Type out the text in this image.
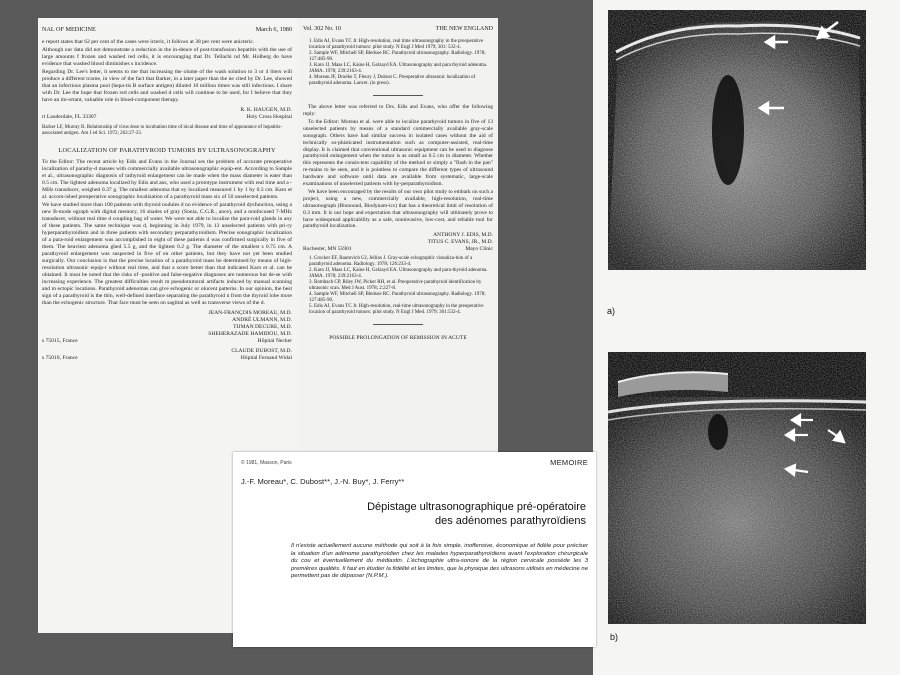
NAL OF MEDICINE	March 6, 1980

e report states that 62 per cent of the cases were icteric, it follows at 38 per cent were anicteric.

Although our data did not demonstrate a reduction in the in-dence of post-transfusion hepatitis with the use of large amounts f frozen and washed red cells, it is encouraging that Dr. Tellachi nd Mr. Holberg do have evidence that washed blood diminishes s incidence.

Regarding Dr. Lee's letter, it seems to me that increasing the olume of the wash solution to 3 or 4 liters will produce a different tcome, in view of the fact that Barker, in a later paper than the ne cited by Dr. Lee, showed that an infectious plasma pool (hepa-tis B surface antigen) diluted 10 million times was still infectious. I share with Dr. Lee the hope that frozen red cells and washed d cells will continue to be used, for I believe that they have an im-ortant, valuable role in blood-component therapy.

R. K. HAUGEN, M.D.
rt Lauderdale, FL 33307	Holy Cross Hospital
Barker LF, Murray R. Relationship of virus dose to incubation time of nical disease and time of appearance of hepatitis-associated antigen. Am J ed Sci. 1972; 263:27-33.
LOCALIZATION OF PARATHYROID TUMORS BY ULTRASONOGRAPHY

To the Editor: The recent article by Edis and Evans in the Journal ses the problem of accurate preoperative localization of parathy-d masses with commercially available ultrasonographic equip-ent. According to Sample et al., ultrasonographic diagnosis of rathyroid enlargement can be made when the mass diameter is eater than 0.5 cm. The lightest adenoma localized by Edis and ans, who used a prototype instrument with real time and a -MHz transducer, weighed 0.37 g. The smallest adenoma that ey localized measured 1 by 1 by 0.3 cm. Karo et al. accom-ished preoperative sonographic localization of a parathyroid mass six of 50 unselected patients.

We have studied more than 100 patients with thyroid nodules d no evidence of parathyroid dysfunction, using a new B-mode ograph with digital memory, 16 shades of gray (Sonia, C.G.R., ance), and a nonfocused 7-MHz transducer, without real time d coupling bag of water. We were not able to localize the para-roid glands in any of these patients. The same technique was d, beginning in July 1979, in 13 unselected patients with pri-ry hyperparathyroidism and in three patients with secondary perparathyroidism. Precise sonographic localization of a para-roid enlargement was accomplished in eight of these patients d was confirmed surgically in five of them. The beaviest adenoma ghed 5.5 g, and the lightest 0.2 g. The diameter of the smallest s 0.75 cm. A parathyroid enlargement was suspected in five of en other patients, but they have not yet been studied surgically. Our conclusion is that the precise location of a parathyroid mass be determined by means of high-resolution ultrasonic equip-t without real time, and that a score better than that indicated Karo et al. can be obtained. It must be noted that the risks of -positive and false-negative diagnoses are numerous but de-se with increasing experience. The greatest difficulties result m pseudotumoral artifacts induced by manual scanning and m ectopic locations. Parathyroid adenomas can give echogenic or olucent patterns. In our opinion, the best sign of a parathyroid is the thin, well-defined interface separating the parathyroid n from the thyroid lobe more than the echogenic structure. That face must be seen on sagittal as well as transverse views of the d.

JEAN-FRANÇOIS MOREAU, M.D.
ANDRÉ ULMANN, M.D.
TIJMAN DECURE, M.D.
SHEHERAZADE HAMIDOU, M.D.
s 75015, France	Hôpital Necker
CLAUDE DUBOST, M.D.
s 75010, France	Hôpital Fernand Widal
Vol. 302 No. 10	THE NEW ENGLAND
1. Edis AJ, Evans TC Jr. High-resolution, real time ultrasonography in the preoperative location of parathyroid tumors: pilot study. N Engl J Med 1979; 301: 532-4.
2. Sample WF, Mitchell SP, Bledsoe RC. Parathyroid ultrasonography. Radiology. 1978; 127:485-90.
3. Karo JJ, Maas LC, Kaine H, Gelzayd EA. Ultrasonography and para thyroid adenoma. JAMA. 1978; 239:2163-4.
4. Moreau JF, Druéke T, Fleury J, Dubost C. Preoperative ultrasonic localization of parathyroid adenoma. Lancet. (in press).

The above letter was referred to Drs. Edis and Evans, who offer the following reply:

To the Editor: Moreau et al. were able to localize parathyroid tumors in five of 13 unselected patients by means of a standard commercially available gray-scale sonograph. Others have had similar success in isolated cases without the aid of technically so-phisticated instrumentation such as computer-assisted, real-time display. It is claimed that conventional ultrasonic equipment can be used to diagnose parathyroid enlargement when the tumor is as small as 0.5 cm in diameter. Whether this represents the consis-tent capability of the method or simply a "flash in the pan" re-mains to be seen, and it is pointless to compare the different types of ultrasound hardware and software until data are available from systematic, large-scale examinations of unselected patients with hy-perparathyroidism.

We have been encouraged by the results of our own pilot study to embark on such a project, using a new, commercially available, high-resolution, real-time ultrasonograph (Bionound, Biodynam-ics) that has a theoretical limit of resolution of 0.3 mm. It is our hope and expectation that ultrasonography will ultimately prove to have widespread applicability as a safe, noninvasive, low-cost, and reliable tool for parathyroid localization.

ANTHONY J. EDIS, M.D.
TITUS C. EVANS, JR., M.D.
Rochester, MN 55901	Mayo Clinic
1. Crocker EF, Bautovich GJ, Jellins J. Gray-scale echographic visualiza-tion of a parathyroid adenoma. Radiology. 1978; 126:233-4.
2. Karo JJ, Maas LC, Kaine H, Gelzayd EA. Ultrasonography and para-thyroid adenoma. JAMA. 1978; 239:2163-4.
3. Bombach CP, Riley JW, Picker RH, et al. Preoperative parathyroid identification by ultrasonic scan. Med J Aust. 1978; 2:227-8.
4. Sample WF, Mitchell SP, Bledsoe RC. Parathyroid ultrasonography. Radiology. 1978; 127:485-90.
5. Edis AJ, Evans TC Jr. High-resolution, real-time ultrasonography in the preoperative location of parathyroid tumors: pilot study. N Engl J Med. 1979; 301:532-4.
POSSIBLE PROLONGATION OF REMISSION IN ACUTE
© 1981, Masson, Paris	MEMOIRE
J.-F. Moreau*, C. Dubost**, J.-N. Buy*, J. Ferry**
Dépistage ultrasonographique pré-opératoire
des adénomes parathyroïdiens
Il n'existe actuellement aucune méthode qui soit à la fois simple, inoffensive, économique et fidèle pour préciser la situation d'un adénome parathyroïdien chez les malades hyperparathyroïdiens avant l'exploration chirurgicale du cou et éventuellement du médiastin. L'échographie ultra-sonore de la région cervicale possède les 3 premières qualités. Il faut en étudier la fidélité et les limites, que la physique des ultrasons utilisés en médecine ne permettent pas de dépasser (N.P.M.).
a)
b)
